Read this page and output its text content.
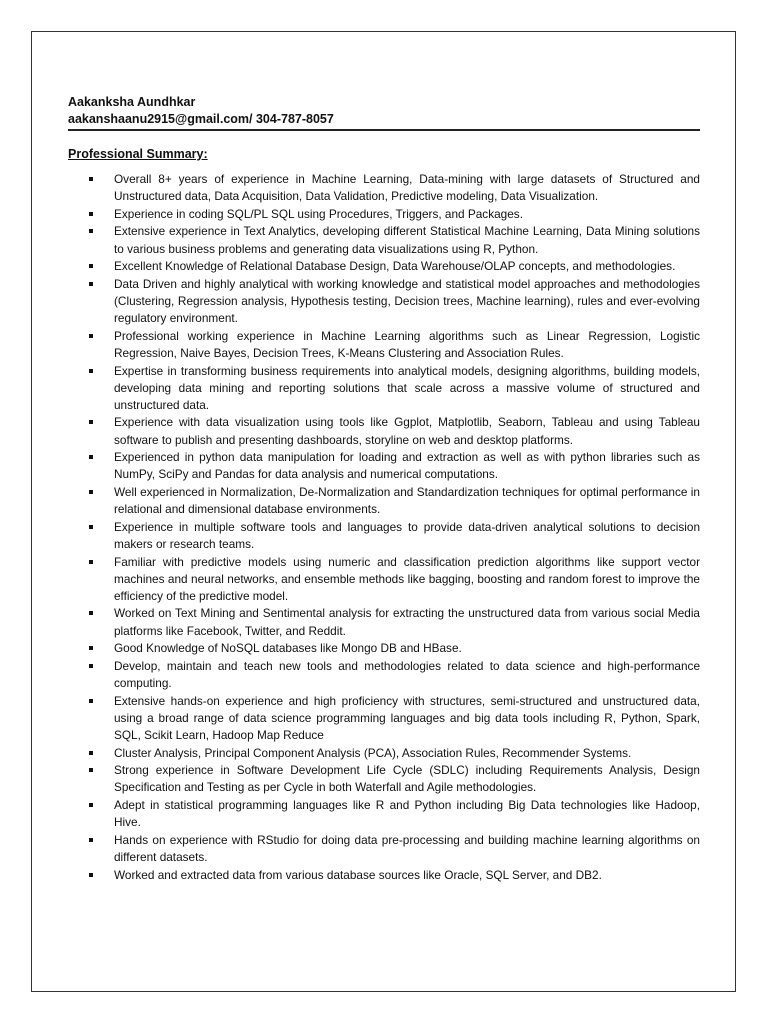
Aakanksha Aundhkar
aakanshaanu2915@gmail.com/ 304-787-8057
Professional Summary:
Overall 8+ years of experience in Machine Learning, Data-mining with large datasets of Structured and Unstructured data, Data Acquisition, Data Validation, Predictive modeling, Data Visualization.
Experience in coding SQL/PL SQL using Procedures, Triggers, and Packages.
Extensive experience in Text Analytics, developing different Statistical Machine Learning, Data Mining solutions to various business problems and generating data visualizations using R, Python.
Excellent Knowledge of Relational Database Design, Data Warehouse/OLAP concepts, and methodologies.
Data Driven and highly analytical with working knowledge and statistical model approaches and methodologies (Clustering, Regression analysis, Hypothesis testing, Decision trees, Machine learning), rules and ever-evolving regulatory environment.
Professional working experience in Machine Learning algorithms such as Linear Regression, Logistic Regression, Naive Bayes, Decision Trees, K-Means Clustering and Association Rules.
Expertise in transforming business requirements into analytical models, designing algorithms, building models, developing data mining and reporting solutions that scale across a massive volume of structured and unstructured data.
Experience with data visualization using tools like Ggplot, Matplotlib, Seaborn, Tableau and using Tableau software to publish and presenting dashboards, storyline on web and desktop platforms.
Experienced in python data manipulation for loading and extraction as well as with python libraries such as NumPy, SciPy and Pandas for data analysis and numerical computations.
Well experienced in Normalization, De-Normalization and Standardization techniques for optimal performance in relational and dimensional database environments.
Experience in multiple software tools and languages to provide data-driven analytical solutions to decision makers or research teams.
Familiar with predictive models using numeric and classification prediction algorithms like support vector machines and neural networks, and ensemble methods like bagging, boosting and random forest to improve the efficiency of the predictive model.
Worked on Text Mining and Sentimental analysis for extracting the unstructured data from various social Media platforms like Facebook, Twitter, and Reddit.
Good Knowledge of NoSQL databases like Mongo DB and HBase.
Develop, maintain and teach new tools and methodologies related to data science and high-performance computing.
Extensive hands-on experience and high proficiency with structures, semi-structured and unstructured data, using a broad range of data science programming languages and big data tools including R, Python, Spark, SQL, Scikit Learn, Hadoop Map Reduce
Cluster Analysis, Principal Component Analysis (PCA), Association Rules, Recommender Systems.
Strong experience in Software Development Life Cycle (SDLC) including Requirements Analysis, Design Specification and Testing as per Cycle in both Waterfall and Agile methodologies.
Adept in statistical programming languages like R and Python including Big Data technologies like Hadoop, Hive.
Hands on experience with RStudio for doing data pre-processing and building machine learning algorithms on different datasets.
Worked and extracted data from various database sources like Oracle, SQL Server, and DB2.
